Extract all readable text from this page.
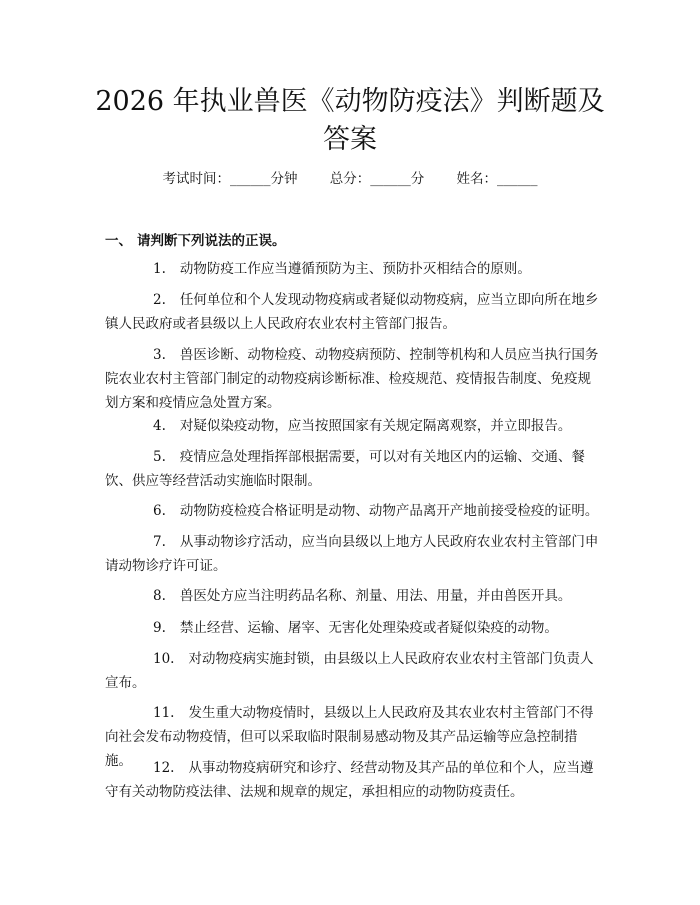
2026 年执业兽医《动物防疫法》判断题及答案
考试时间：______分钟 总分：______分 姓名：______
一、 请判断下列说法的正误。

1. 动物防疫工作应当遵循预防为主、预防扑灭相结合的原则。

2. 任何单位和个人发现动物疫病或者疑似动物疫病，应当立即向所在地乡镇人民政府或者县级以上人民政府农业农村主管部门报告。

3. 兽医诊断、动物检疫、动物疫病预防、控制等机构和人员应当执行国务院农业农村主管部门制定的动物疫病诊断标准、检疫规范、疫情报告制度、免疫规划方案和疫情应急处置方案。

4. 对疑似染疫动物，应当按照国家有关规定隔离观察，并立即报告。

5. 疫情应急处理指挥部根据需要，可以对有关地区内的运输、交通、餐饮、供应等经营活动实施临时限制。

6. 动物防疫检疫合格证明是动物、动物产品离开产地前接受检疫的证明。

7. 从事动物诊疗活动，应当向县级以上地方人民政府农业农村主管部门申请动物诊疗许可证。

8. 兽医处方应当注明药品名称、剂量、用法、用量，并由兽医开具。

9. 禁止经营、运输、屠宰、无害化处理染疫或者疑似染疫的动物。

10. 对动物疫病实施封锁，由县级以上人民政府农业农村主管部门负责人宣布。

11. 发生重大动物疫情时，县级以上人民政府及其农业农村主管部门不得向社会发布动物疫情，但可以采取临时限制易感动物及其产品运输等应急控制措施。	12. 从事动物疫病研究和诊疗、经营动物及其产品的单位和个人，应当遵守有关动物防疫法律、法规和规章的规定，承担相应的动物防疫责任。
